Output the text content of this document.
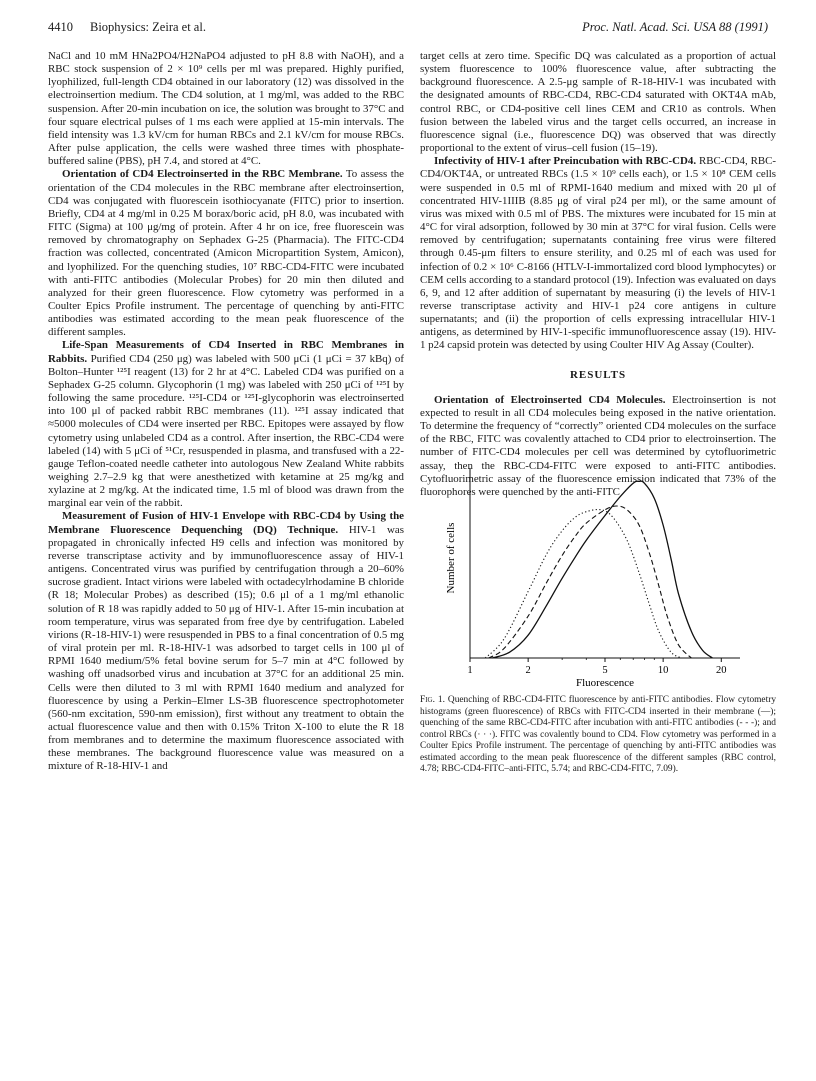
4410 Biophysics: Zeira et al.	Proc. Natl. Acad. Sci. USA 88 (1991)

NaCl and 10 mM HNa2PO4/H2NaPO4 adjusted to pH 8.8 with NaOH), and a RBC stock suspension of 2 × 10⁹ cells per ml was prepared. Highly purified, lyophilized, full-length CD4 obtained in our laboratory (12) was dissolved in the electroinsertion medium. The CD4 solution, at 1 mg/ml, was added to the RBC suspension. After 20-min incubation on ice, the solution was brought to 37°C and four square electrical pulses of 1 ms each were applied at 15-min intervals. The field intensity was 1.3 kV/cm for human RBCs and 2.1 kV/cm for mouse RBCs. After pulse application, the cells were washed three times with phosphate-buffered saline (PBS), pH 7.4, and stored at 4°C.

Orientation of CD4 Electroinserted in the RBC Membrane. To assess the orientation of the CD4 molecules in the RBC membrane after electroinsertion, CD4 was conjugated with fluorescein isothiocyanate (FITC) prior to insertion. Briefly, CD4 at 4 mg/ml in 0.25 M borax/boric acid, pH 8.0, was incubated with FITC (Sigma) at 100 μg/mg of protein. After 4 hr on ice, free fluorescein was removed by chromatography on Sephadex G-25 (Pharmacia). The FITC-CD4 fraction was collected, concentrated (Amicon Micropartition System, Amicon), and lyophilized. For the quenching studies, 10⁷ RBC-CD4-FITC were incubated with anti-FITC antibodies (Molecular Probes) for 20 min then diluted and analyzed for their green fluorescence. Flow cytometry was performed in a Coulter Epics Profile instrument. The percentage of quenching by anti-FITC antibodies was estimated according to the mean peak fluorescence of the different samples.

Life-Span Measurements of CD4 Inserted in RBC Membranes in Rabbits. Purified CD4 (250 μg) was labeled with 500 μCi (1 μCi = 37 kBq) of Bolton–Hunter ¹²⁵I reagent (13) for 2 hr at 4°C. Labeled CD4 was purified on a Sephadex G-25 column. Glycophorin (1 mg) was labeled with 250 μCi of ¹²⁵I by following the same procedure. ¹²⁵I-CD4 or ¹²⁵I-glycophorin was electroinserted into 100 μl of packed rabbit RBC membranes (11). ¹²⁵I assay indicated that ≈5000 molecules of CD4 were inserted per RBC. Epitopes were assayed by flow cytometry using unlabeled CD4 as a control. After insertion, the RBC-CD4 were labeled (14) with 5 μCi of ⁵¹Cr, resuspended in plasma, and transfused with a 22-gauge Teflon-coated needle catheter into autologous New Zealand White rabbits weighing 2.7–2.9 kg that were anesthetized with ketamine at 25 mg/kg and xylazine at 2 mg/kg. At the indicated time, 1.5 ml of blood was drawn from the marginal ear vein of the rabbit.

Measurement of Fusion of HIV-1 Envelope with RBC-CD4 by Using the Membrane Fluorescence Dequenching (DQ) Technique. HIV-1 was propagated in chronically infected H9 cells and infection was monitored by reverse transcriptase activity and by immunofluorescence assay of HIV-1 antigens. Concentrated virus was purified by centrifugation through a 20–60% sucrose gradient. Intact virions were labeled with octadecylrhodamine B chloride (R 18; Molecular Probes) as described (15); 0.6 μl of a 1 mg/ml ethanolic solution of R 18 was rapidly added to 50 μg of HIV-1. After 15-min incubation at room temperature, virus was separated from free dye by centrifugation. Labeled virions (R-18-HIV-1) were resuspended in PBS to a final concentration of 0.5 mg of viral protein per ml. R-18-HIV-1 was adsorbed to target cells in 100 μl of RPMI 1640 medium/5% fetal bovine serum for 5–7 min at 4°C followed by washing off unadsorbed virus and incubation at 37°C for an additional 25 min. Cells were then diluted to 3 ml with RPMI 1640 medium and analyzed for fluorescence by using a Perkin–Elmer LS-3B fluorescence spectrophotometer (560-nm excitation, 590-nm emission), first without any treatment to obtain the actual fluorescence value and then with 0.15% Triton X-100 to elute the R 18 from membranes and to determine the maximum fluorescence associated with these membranes. The background fluorescence value was measured on a mixture of R-18-HIV-1 and

target cells at zero time. Specific DQ was calculated as a proportion of actual system fluorescence to 100% fluorescence value, after subtracting the background fluorescence. A 2.5-μg sample of R-18-HIV-1 was incubated with the designated amounts of RBC-CD4, RBC-CD4 saturated with OKT4A mAb, control RBC, or CD4-positive cell lines CEM and CR10 as controls. When fusion between the labeled virus and the target cells occurred, an increase in fluorescence signal (i.e., fluorescence DQ) was observed that was directly proportional to the extent of virus–cell fusion (15–19).

Infectivity of HIV-1 after Preincubation with RBC-CD4. RBC-CD4, RBC-CD4/OKT4A, or untreated RBCs (1.5 × 10⁹ cells each), or 1.5 × 10⁸ CEM cells were suspended in 0.5 ml of RPMI-1640 medium and mixed with 20 μl of concentrated HIV-1IIIB (8.85 μg of viral p24 per ml), or the same amount of virus was mixed with 0.5 ml of PBS. The mixtures were incubated for 15 min at 4°C for viral adsorption, followed by 30 min at 37°C for viral fusion. Cells were removed by centrifugation; supernatants containing free virus were filtered through 0.45-μm filters to ensure sterility, and 0.25 ml of each was used for infection of 0.2 × 10⁶ C-8166 (HTLV-I-immortalized cord blood lymphocytes) or CEM cells according to a standard protocol (19). Infection was evaluated on days 6, 9, and 12 after addition of supernatant by measuring (i) the levels of HIV-1 reverse transcriptase activity and HIV-1 p24 core antigens in culture supernatants; and (ii) the proportion of cells expressing intracellular HIV-1 antigens, as determined by HIV-1-specific immunofluorescence assay (19). HIV-1 p24 capsid protein was detected by using Coulter HIV Ag Assay (Coulter).

RESULTS

Orientation of Electroinserted CD4 Molecules. Electroinsertion is not expected to result in all CD4 molecules being exposed in the native orientation. To determine the frequency of “correctly” oriented CD4 molecules on the surface of the RBC, FITC was covalently attached to CD4 prior to electroinsertion. The number of FITC-CD4 molecules per cell was determined by cytofluorimetric assay, then the RBC-CD4-FITC were exposed to anti-FITC antibodies. Cytofluorimetric assay of the fluorescence emission indicated that 73% of the fluorophores were quenched by the anti-FITC

1	2	5	10	20
Number of cells
Fluorescence
Fig. 1. Quenching of RBC-CD4-FITC fluorescence by anti-FITC antibodies. Flow cytometry histograms (green fluorescence) of RBCs with FITC-CD4 inserted in their membrane (—); quenching of the same RBC-CD4-FITC after incubation with anti-FITC antibodies (- - -); and control RBCs (· · ·). FITC was covalently bound to CD4. Flow cytometry was performed in a Coulter Epics Profile instrument. The percentage of quenching by anti-FITC antibodies was estimated according to the mean peak fluorescence of the different samples (RBC control, 4.78; RBC-CD4-FITC–anti-FITC, 5.74; and RBC-CD4-FITC, 7.09).
